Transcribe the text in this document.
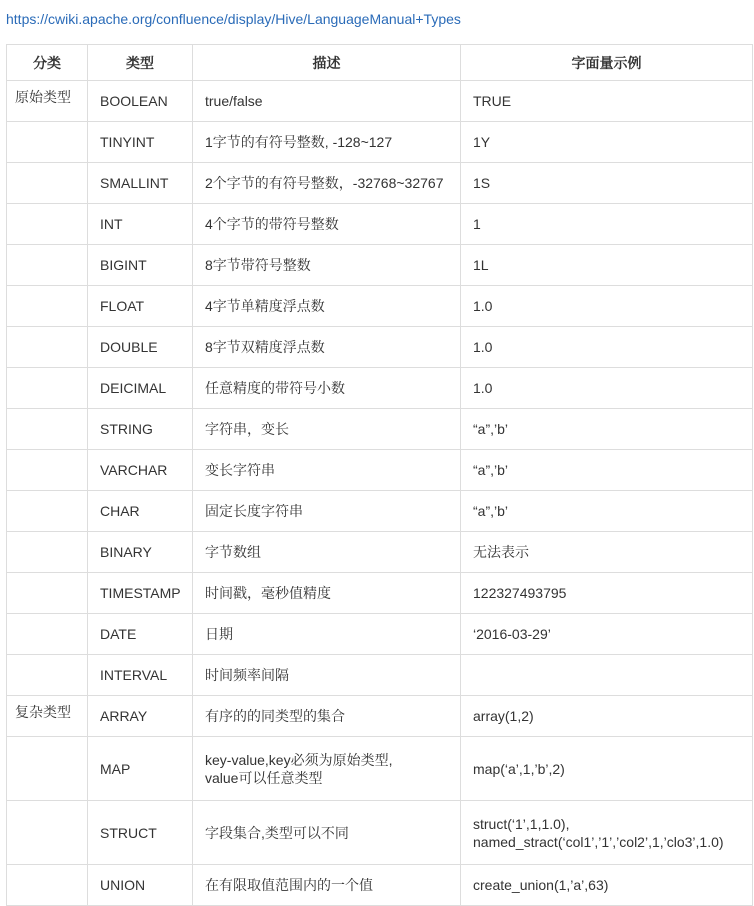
https://cwiki.apache.org/confluence/display/Hive/LanguageManual+Types
分类	类型	描述	字面量示例
原始类型	BOOLEAN	true/false	TRUE

	TINYINT	1字节的有符号整数, -128~127	1Y

	SMALLINT	2个字节的有符号整数，-32768~32767	1S

	INT	4个字节的带符号整数	1

	BIGINT	8字节带符号整数	1L

	FLOAT	4字节单精度浮点数	1.0

	DOUBLE	8字节双精度浮点数	1.0

	DEICIMAL	任意精度的带符号小数	1.0

	STRING	字符串，变长	“a”,’b’

	VARCHAR	变长字符串	“a”,’b’

	CHAR	固定长度字符串	“a”,’b’

	BINARY	字节数组	无法表示

	TIMESTAMP	时间戳，毫秒值精度	122327493795

	DATE	日期	‘2016-03-29’

	INTERVAL	时间频率间隔	

复杂类型	ARRAY	有序的的同类型的集合	array(1,2)

	MAP	key-value,key必须为原始类型,
value可以任意类型	map(‘a’,1,’b’,2)

	STRUCT	字段集合,类型可以不同	struct(‘1’,1,1.0),
named_stract(‘col1’,’1’,’col2’,1,’clo3’,1.0)

	UNION	在有限取值范围内的一个值	create_union(1,’a’,63)
